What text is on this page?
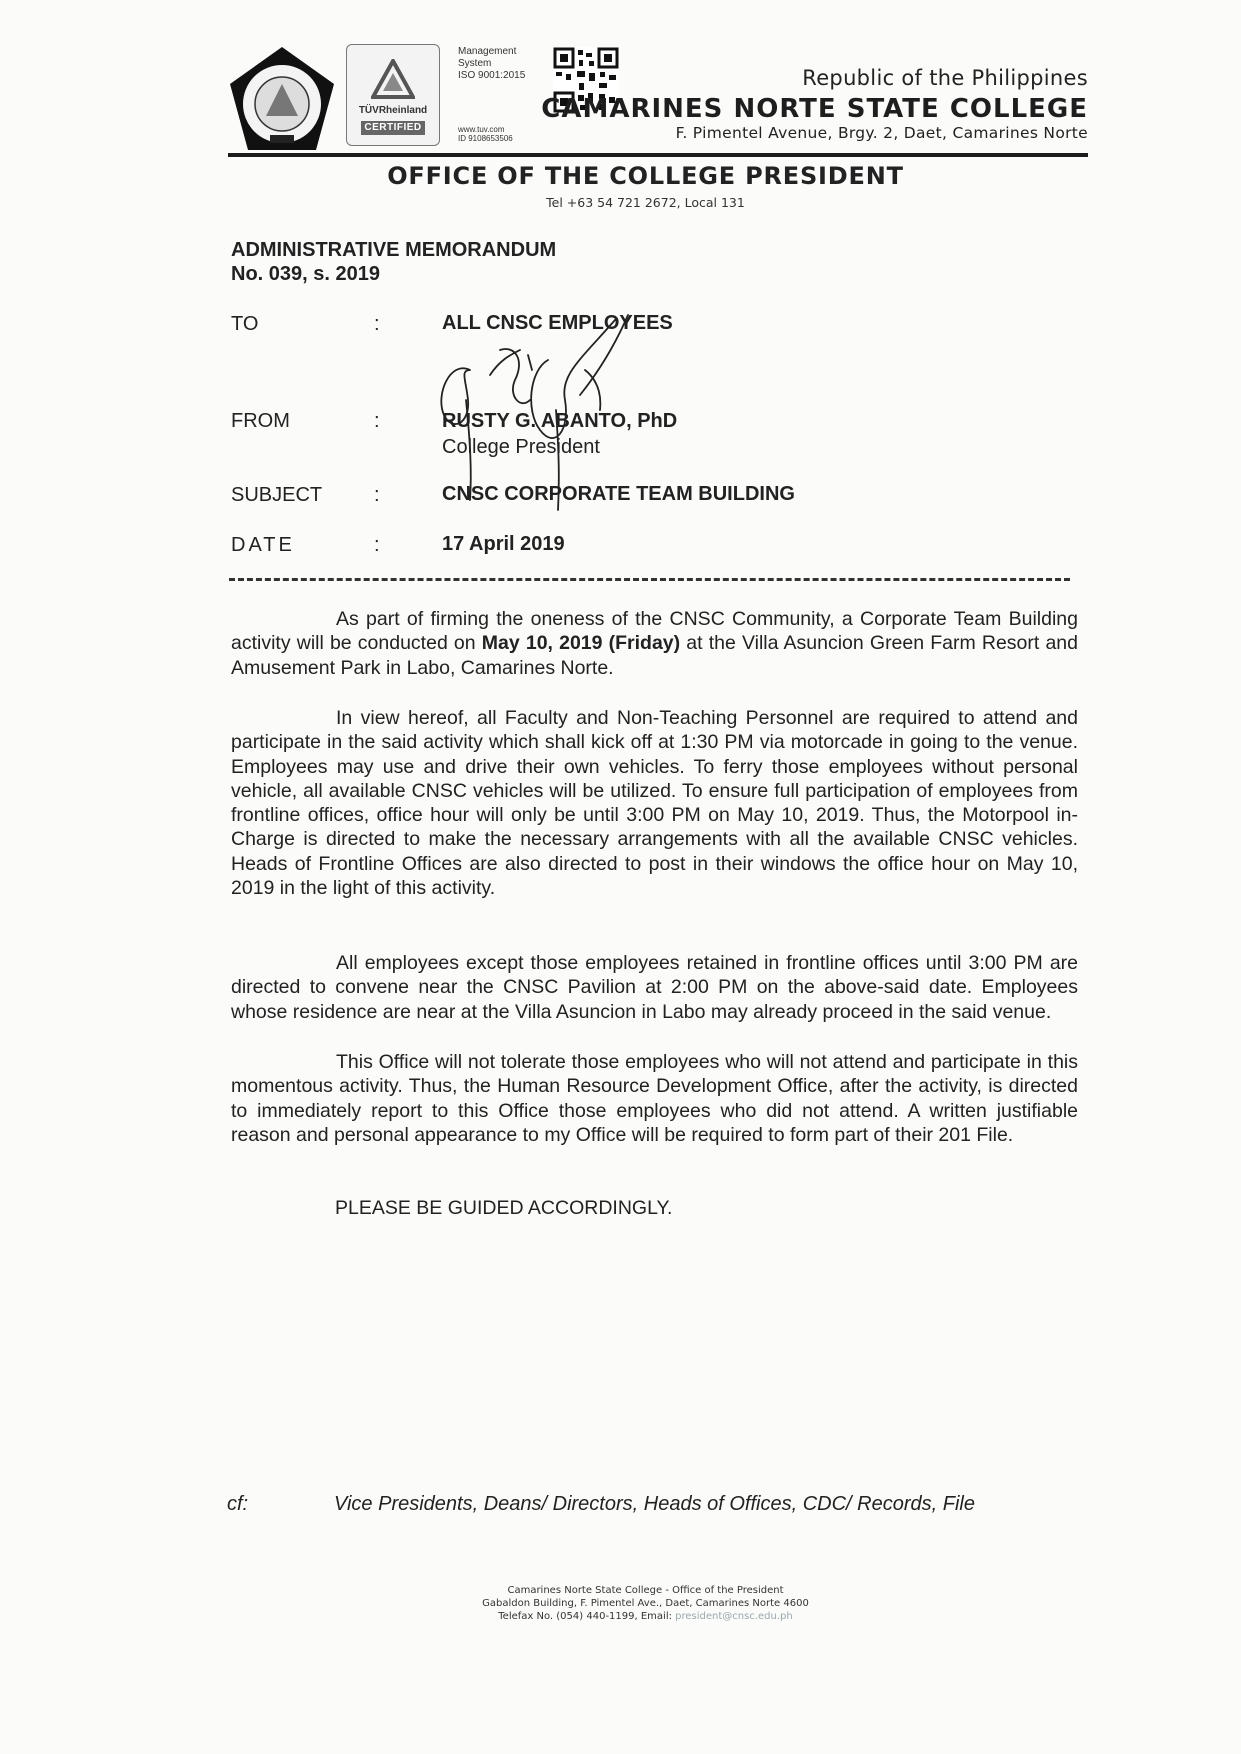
TÜVRheinland
CERTIFIED
Management System
ISO 9001:2015
www.tuv.com
ID 9108653506
Republic of the Philippines
CAMARINES NORTE STATE COLLEGE
F. Pimentel Avenue, Brgy. 2, Daet, Camarines Norte
OFFICE OF THE COLLEGE PRESIDENT
Tel +63 54 721 2672, Local 131
ADMINISTRATIVE MEMORANDUM
No. 039, s. 2019
TO	:	ALL CNSC EMPLOYEES
FROM	:	RUSTY G. ABANTO, PhD
College President
SUBJECT	:	CNSC CORPORATE TEAM BUILDING
DATE	:	17 April 2019
As part of firming the oneness of the CNSC Community, a Corporate Team Building activity will be conducted on May 10, 2019 (Friday) at the Villa Asuncion Green Farm Resort and Amusement Park in Labo, Camarines Norte.
In view hereof, all Faculty and Non-Teaching Personnel are required to attend and participate in the said activity which shall kick off at 1:30 PM via motorcade in going to the venue. Employees may use and drive their own vehicles. To ferry those employees without personal vehicle, all available CNSC vehicles will be utilized. To ensure full participation of employees from frontline offices, office hour will only be until 3:00 PM on May 10, 2019. Thus, the Motorpool in-Charge is directed to make the necessary arrangements with all the available CNSC vehicles. Heads of Frontline Offices are also directed to post in their windows the office hour on May 10, 2019 in the light of this activity.
All employees except those employees retained in frontline offices until 3:00 PM are directed to convene near the CNSC Pavilion at 2:00 PM on the above-said date. Employees whose residence are near at the Villa Asuncion in Labo may already proceed in the said venue.
This Office will not tolerate those employees who will not attend and participate in this momentous activity. Thus, the Human Resource Development Office, after the activity, is directed to immediately report to this Office those employees who did not attend. A written justifiable reason and personal appearance to my Office will be required to form part of their 201 File.
PLEASE BE GUIDED ACCORDINGLY.
cf:	Vice Presidents, Deans/ Directors, Heads of Offices, CDC/ Records, File
Camarines Norte State College - Office of the President
Gabaldon Building, F. Pimentel Ave., Daet, Camarines Norte 4600
Telefax No. (054) 440-1199, Email: president@cnsc.edu.ph
